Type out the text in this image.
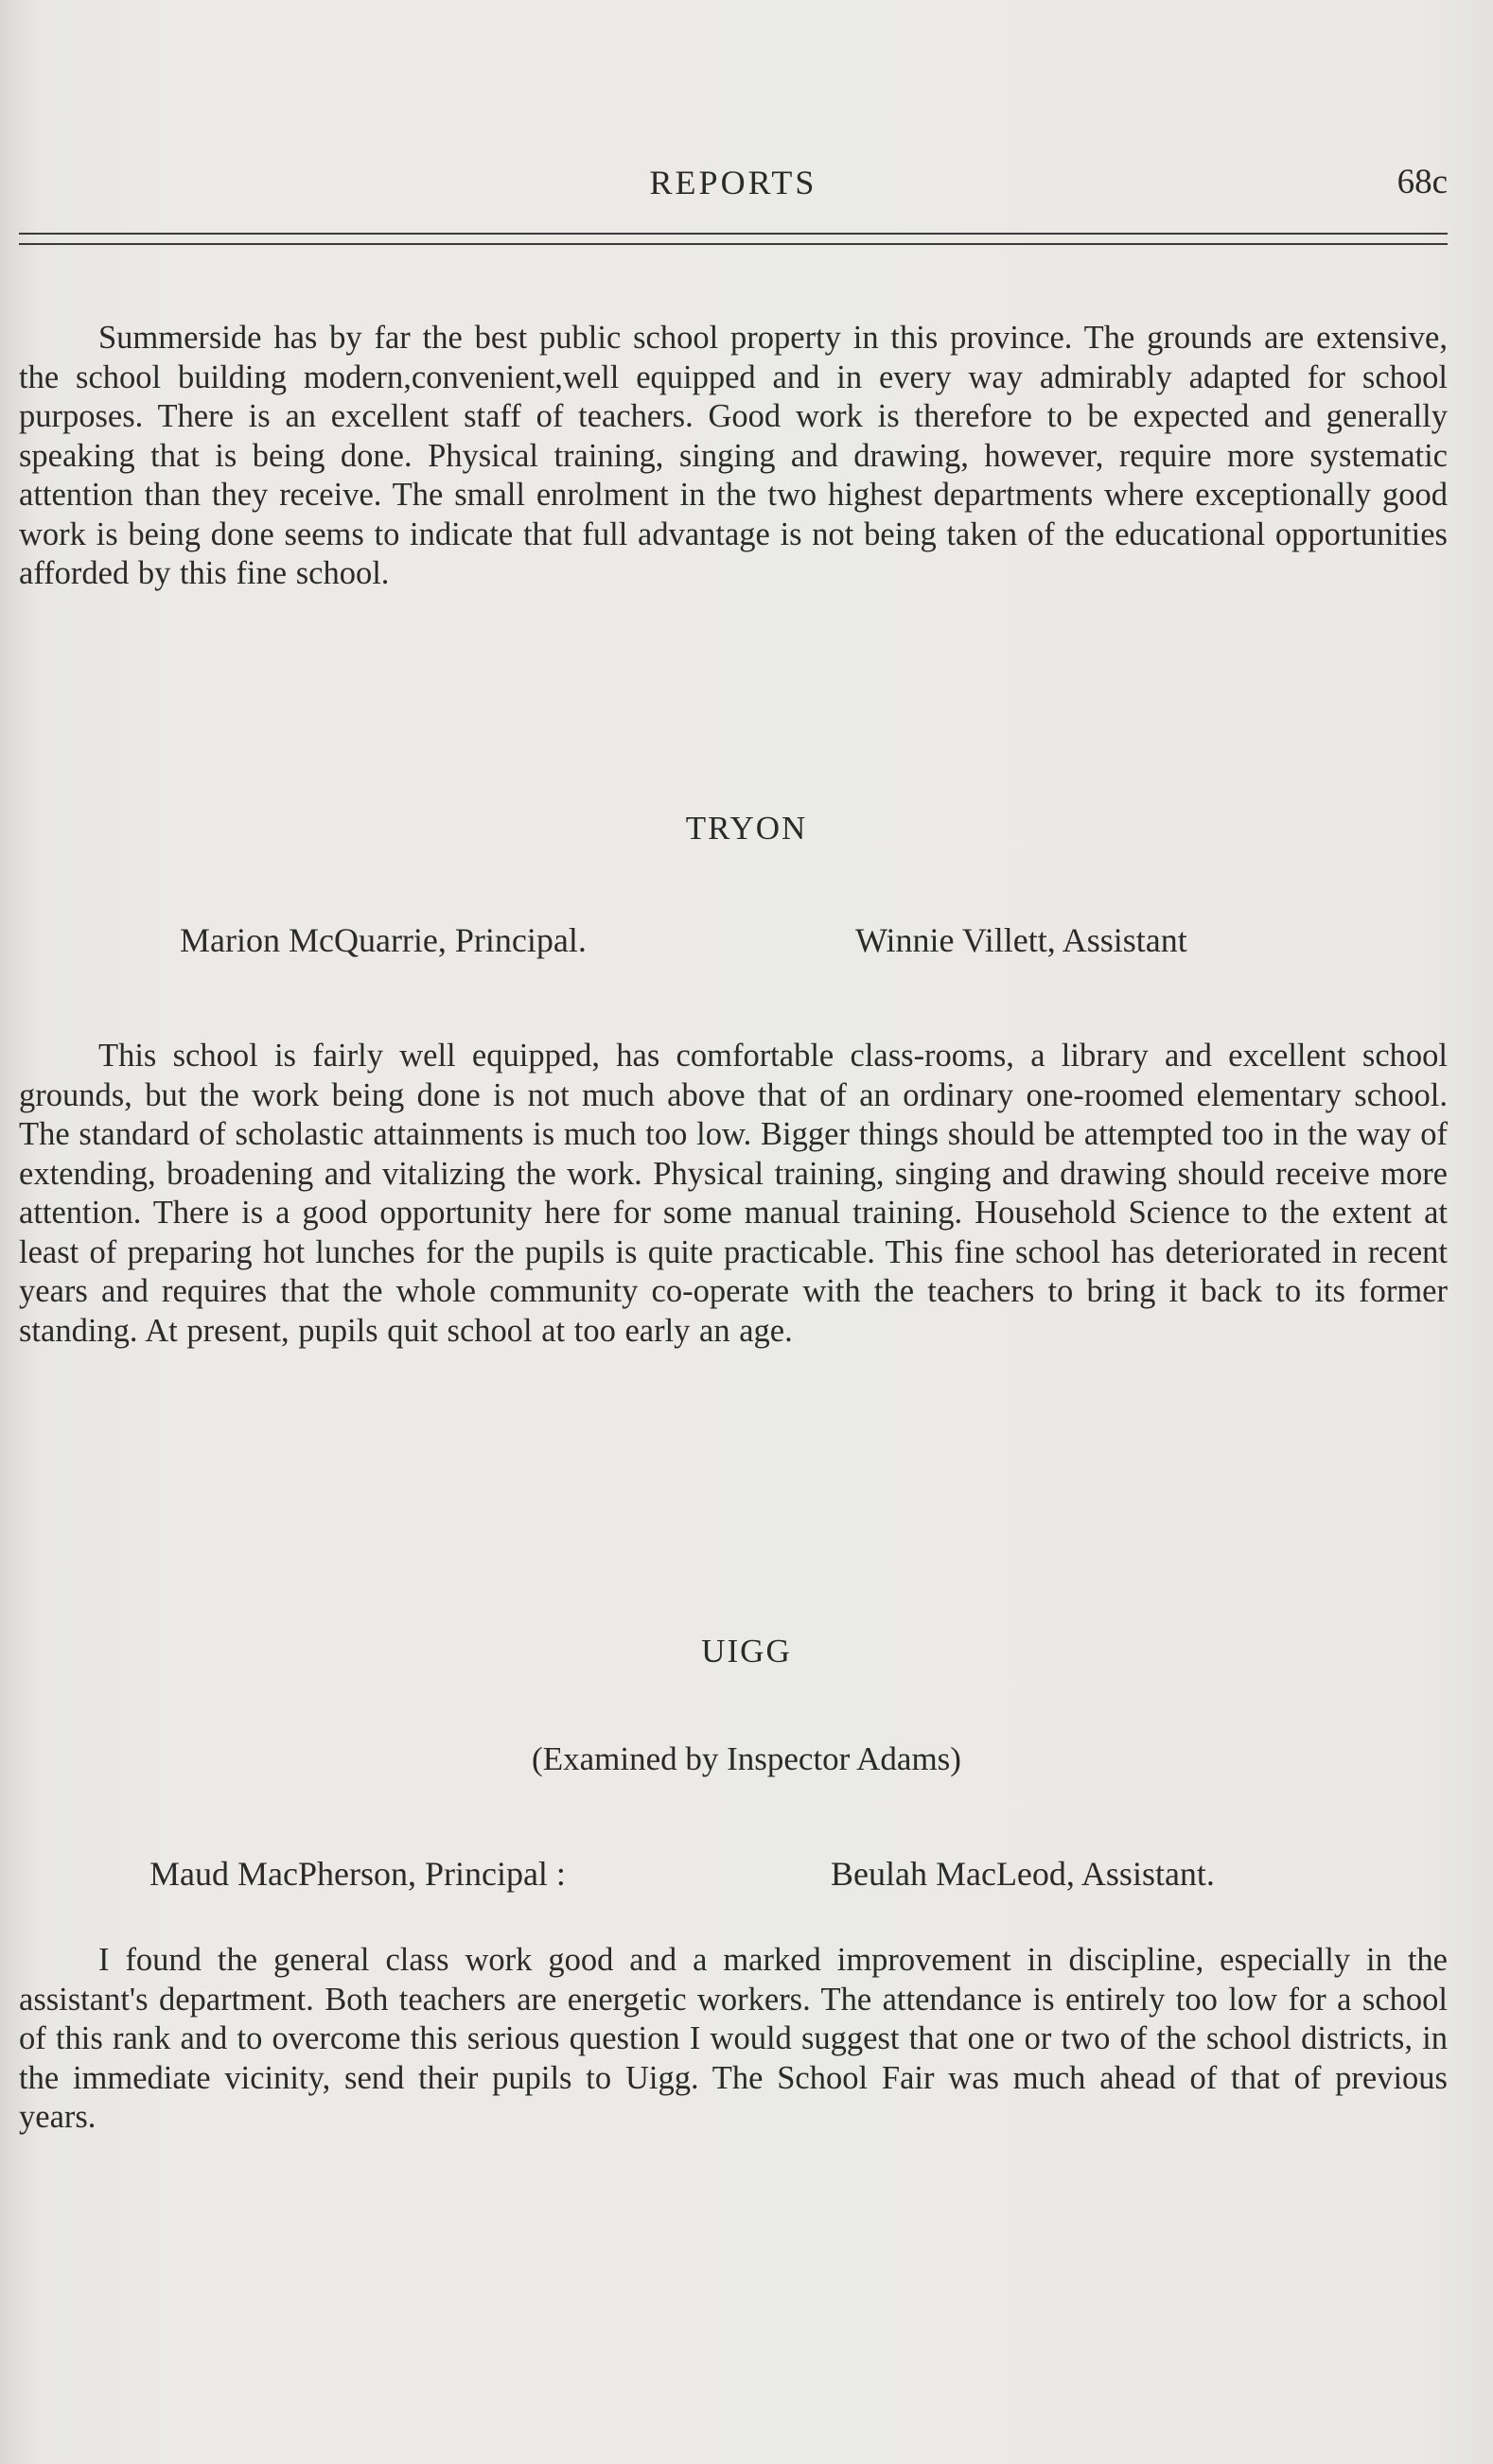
REPORTS	68c

Summerside has by far the best public school property in this province. The grounds are extensive, the school building modern,convenient,well equipped and in every way admirably adapted for school purposes. There is an excellent staff of teachers. Good work is therefore to be expected and generally speaking that is being done. Physical training, singing and drawing, however, require more systematic attention than they receive. The small enrolment in the two highest departments where exceptionally good work is being done seems to indicate that full advantage is not being taken of the educational opportunities afforded by this fine school.

TRYON
Marion McQuarrie, Principal.	Winnie Villett, Assistant

This school is fairly well equipped, has comfortable class-rooms, a library and excellent school grounds, but the work being done is not much above that of an ordinary one-roomed elementary school. The standard of scholastic attainments is much too low. Bigger things should be attempted too in the way of extending, broadening and vitalizing the work. Physical training, singing and drawing should receive more attention. There is a good opportunity here for some manual training. Household Science to the extent at least of preparing hot lunches for the pupils is quite practicable. This fine school has deteriorated in recent years and requires that the whole community co-operate with the teachers to bring it back to its former standing. At present, pupils quit school at too early an age.

UIGG
(Examined by Inspector Adams)
Maud MacPherson, Principal :	Beulah MacLeod, Assistant.

I found the general class work good and a marked improvement in discipline, especially in the assistant's department. Both teachers are energetic workers. The attendance is entirely too low for a school of this rank and to overcome this serious question I would suggest that one or two of the school districts, in the immediate vicinity, send their pupils to Uigg. The School Fair was much ahead of that of previous years.
